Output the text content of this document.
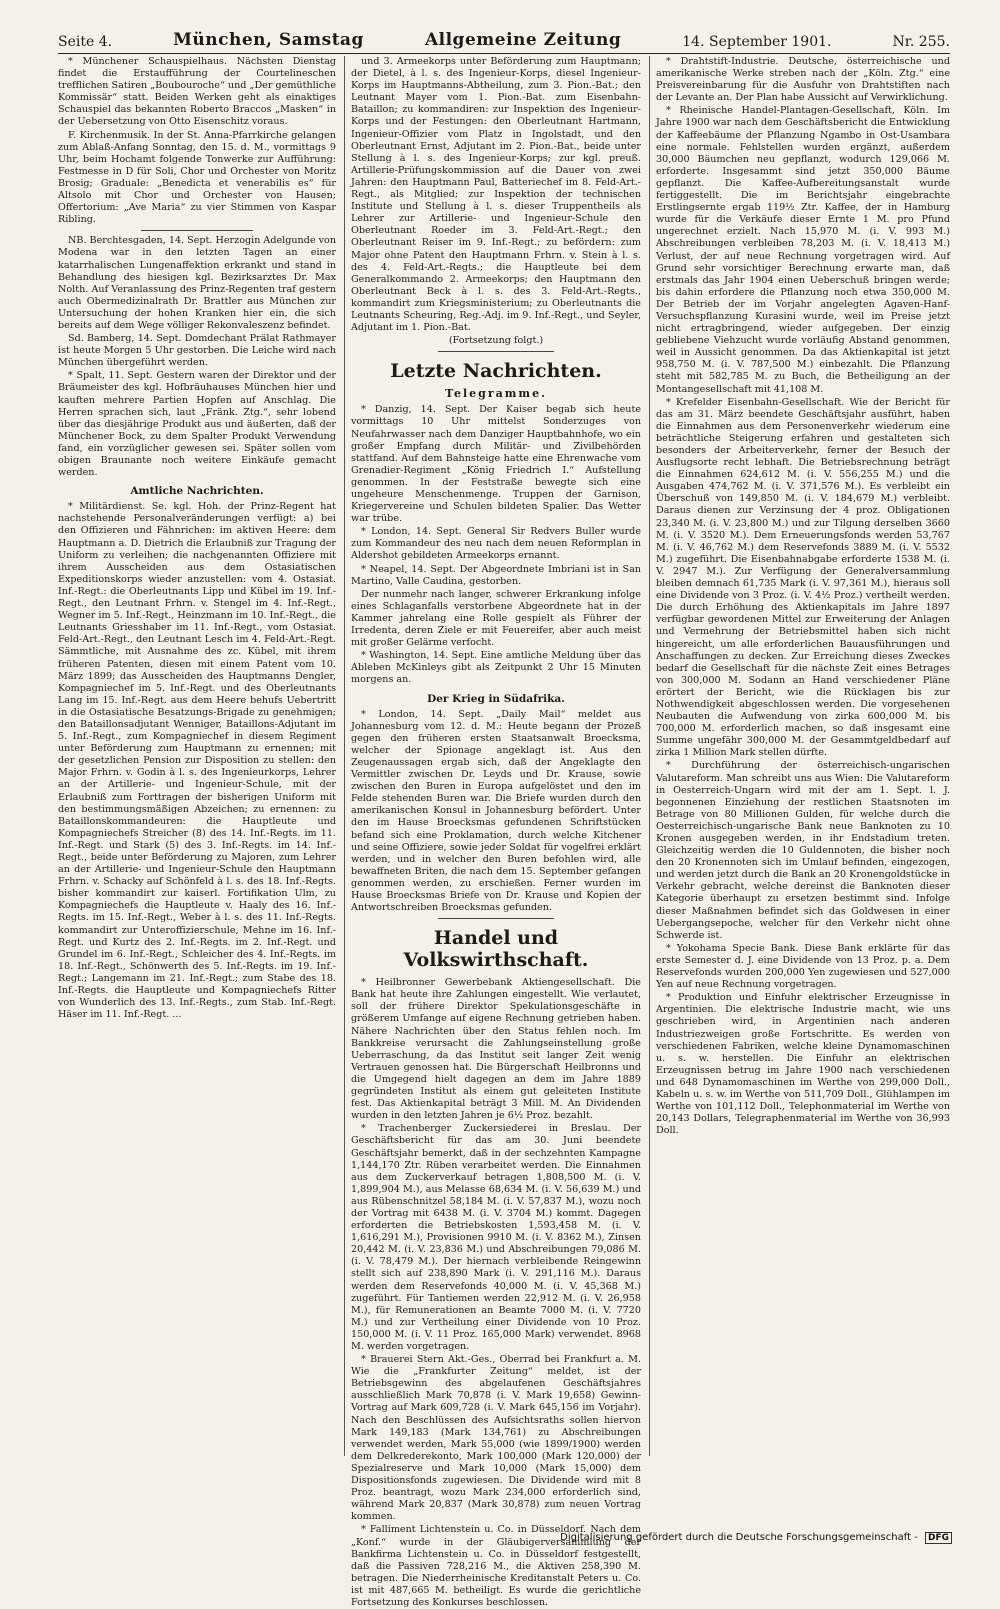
Seite 4.	München, Samstag	Allgemeine Zeitung	14. September 1901.	Nr. 255.

* Münchener Schauspielhaus. Nächsten Dienstag findet die Erstaufführung der Courtelineschen trefflichen Satiren „Boubouroche“ und „Der gemüthliche Kommissär“ statt. Beiden Werken geht als einaktiges Schauspiel das bekannten Roberto Braccos „Masken“ in der Uebersetzung von Otto Eisenschitz voraus.

F. Kirchenmusik. In der St. Anna-Pfarrkirche gelangen zum Ablaß-Anfang Sonntag, den 15. d. M., vormittags 9 Uhr, beim Hochamt folgende Tonwerke zur Aufführung: Festmesse in D für Soli, Chor und Orchester von Moritz Brosig; Graduale: „Benedicta et venerabilis es“ für Altsolo mit Chor und Orchester von Hausen; Offertorium: „Ave Maria“ zu vier Stimmen von Kaspar Ribling.

NB. Berchtesgaden, 14. Sept. Herzogin Adelgunde von Modena war in den letzten Tagen an einer katarrhalischen Lungenaffektion erkrankt und stand in Behandlung des hiesigen kgl. Bezirksarztes Dr. Max Nolth. Auf Veranlassung des Prinz-Regenten traf gestern auch Obermedizinalrath Dr. Brattler aus München zur Untersuchung der hohen Kranken hier ein, die sich bereits auf dem Wege völliger Rekonvaleszenz befindet.

Sd. Bamberg, 14. Sept. Domdechant Prälat Rathmayer ist heute Morgen 5 Uhr gestorben. Die Leiche wird nach München übergeführt werden.

* Spalt, 11. Sept. Gestern waren der Direktor und der Bräumeister des kgl. Hofbräuhauses München hier und kauften mehrere Partien Hopfen auf Anschlag. Die Herren sprachen sich, laut „Fränk. Ztg.“, sehr lobend über das diesjährige Produkt aus und äußerten, daß der Münchener Bock, zu dem Spalter Produkt Verwendung fand, ein vorzüglicher gewesen sei. Später sollen vom obigen Braunante noch weitere Einkäufe gemacht werden.

Amtliche Nachrichten.

* Militärdienst. Se. kgl. Hoh. der Prinz-Regent hat nachstehende Personalveränderungen verfügt: a) bei den Offizieren und Fähnrichen: im aktiven Heere: dem Hauptmann a. D. Dietrich die Erlaubniß zur Tragung der Uniform zu verleihen; die nachgenannten Offiziere mit ihrem Ausscheiden aus dem Ostasiatischen Expeditionskorps wieder anzustellen: vom 4. Ostasiat. Inf.-Regt.: die Oberleutnants Lipp und Kübel im 19. Inf.-Regt., den Leutnant Frhrn. v. Stengel im 4. Inf.-Regt., Wegner im 5. Inf.-Regt., Heinzmann im 10. Inf.-Regt., die Leutnants Griesshaber im 11. Inf.-Regt., vom Ostasiat. Feld-Art.-Regt., den Leutnant Lesch im 4. Feld-Art.-Regt. Sämmtliche, mit Ausnahme des zc. Kübel, mit ihrem früheren Patenten, diesen mit einem Patent vom 10. März 1899; das Ausscheiden des Hauptmanns Dengler, Kompagniechef im 5. Inf.-Regt. und des Oberleutnants Lang im 15. Inf.-Regt. aus dem Heere behufs Uebertritt in die Ostasiatische Besatzungs-Brigade zu genehmigen; den Bataillonsadjutant Wenniger, Bataillons-Adjutant im 5. Inf.-Regt., zum Kompagniechef in diesem Regiment unter Beförderung zum Hauptmann zu ernennen; mit der gesetzlichen Pension zur Disposition zu stellen: den Major Frhrn. v. Godin à l. s. des Ingenieurkorps, Lehrer an der Artillerie- und Ingenieur-Schule, mit der Erlaubniß zum Forttragen der bisherigen Uniform mit den bestimmungsmäßigen Abzeichen; zu ernennen: zu Bataillonskommandeuren: die Hauptleute und Kompagniechefs Streicher (8) des 14. Inf.-Regts. im 11. Inf.-Regt. und Stark (5) des 3. Inf.-Regts. im 14. Inf.-Regt., beide unter Beförderung zu Majoren, zum Lehrer an der Artillerie- und Ingenieur-Schule den Hauptmann Frhrn. v. Schacky auf Schönfeld à l. s. des 18. Inf.-Regts. bisher kommandirt zur kaiserl. Fortifikation Ulm, zu Kompagniechefs die Hauptleute v. Haaly des 16. Inf.-Regts. im 15. Inf.-Regt., Weber à l. s. des 11. Inf.-Regts. kommandirt zur Unteroffizierschule, Mehne im 16. Inf.-Regt. und Kurtz des 2. Inf.-Regts. im 2. Inf.-Regt. und Grundel im 6. Inf.-Regt., Schleicher des 4. Inf.-Regts. im 18. Inf.-Regt., Schönwerth des 5. Inf.-Regts. im 19. Inf.-Regt.; Langemann im 21. Inf.-Regt.; zum Stabe des 18. Inf.-Regts. die Hauptleute und Kompagniechefs Ritter von Wunderlich des 13. Inf.-Regts., zum Stab. Inf.-Regt. Häser im 11. Inf.-Regt. ...

und 3. Armeekorps unter Beförderung zum Hauptmann; der Dietel, à l. s. des Ingenieur-Korps, diesel Ingenieur-Korps im Hauptmanns-Abtheilung, zum 3. Pion.-Bat.; den Leutnant Mayer vom 1. Pion.-Bat. zum Eisenbahn-Bataillon; zu kommandiren: zur Inspektion des Ingenieur-Korps und der Festungen: den Oberleutnant Hartmann, Ingenieur-Offizier vom Platz in Ingolstadt, und den Oberleutnant Ernst, Adjutant im 2. Pion.-Bat., beide unter Stellung à l. s. des Ingenieur-Korps; zur kgl. preuß. Artillerie-Prüfungskommission auf die Dauer von zwei Jahren: den Hauptmann Paul, Batteriechef im 8. Feld-Art.-Regt., als Mitglied; zur Inspektion der technischen Institute und Stellung à l. s. dieser Truppentheils als Lehrer zur Artillerie- und Ingenieur-Schule den Oberleutnant Roeder im 3. Feld-Art.-Regt.; den Oberleutnant Reiser im 9. Inf.-Regt.; zu befördern: zum Major ohne Patent den Hauptmann Frhrn. v. Stein à l. s. des 4. Feld-Art.-Regts.; die Hauptleute bei dem Generalkommando 2. Armeekorps; den Hauptmann den Oberleutnant Beck à l. s. des 3. Feld-Art.-Regts., kommandirt zum Kriegsministerium; zu Oberleutnants die Leutnants Scheuring, Reg.-Adj. im 9. Inf.-Regt., und Seyler, Adjutant im 1. Pion.-Bat.

(Fortsetzung folgt.)

Letzte Nachrichten.
Telegramme.

* Danzig, 14. Sept. Der Kaiser begab sich heute vormittags 10 Uhr mittelst Sonderzuges von Neufahrwasser nach dem Danziger Hauptbahnhofe, wo ein großer Empfang durch Militär- und Zivilbehörden stattfand. Auf dem Bahnsteige hatte eine Ehrenwache vom Grenadier-Regiment „König Friedrich I.“ Aufstellung genommen. In der Feststraße bewegte sich eine ungeheure Menschenmenge. Truppen der Garnison, Kriegervereine und Schulen bildeten Spalier. Das Wetter war trübe.

* London, 14. Sept. General Sir Redvers Buller wurde zum Kommandeur des neu nach dem neuen Reformplan in Aldershot gebildeten Armeekorps ernannt.

* Neapel, 14. Sept. Der Abgeordnete Imbriani ist in San Martino, Valle Caudina, gestorben.

Der nunmehr nach langer, schwerer Erkrankung infolge eines Schlaganfalls verstorbene Abgeordnete hat in der Kammer jahrelang eine Rolle gespielt als Führer der Irredenta, deren Ziele er mit Feuereifer, aber auch meist mit großer Gelärme verfocht.

* Washington, 14. Sept. Eine amtliche Meldung über das Ableben McKinleys gibt als Zeitpunkt 2 Uhr 15 Minuten morgens an.

Der Krieg in Südafrika.

* London, 14. Sept. „Daily Mail“ meldet aus Johannesburg vom 12. d. M.: Heute begann der Prozeß gegen den früheren ersten Staatsanwalt Broecksma, welcher der Spionage angeklagt ist. Aus den Zeugenaussagen ergab sich, daß der Angeklagte den Vermittler zwischen Dr. Leyds und Dr. Krause, sowie zwischen den Buren in Europa aufgelöstet und den im Felde stehenden Buren war. Die Briefe wurden durch den amerikanischen Konsul in Johannesburg befördert. Unter den im Hause Broecksmas gefundenen Schriftstücken befand sich eine Proklamation, durch welche Kitchener und seine Offiziere, sowie jeder Soldat für vogelfrei erklärt werden, und in welcher den Buren befohlen wird, alle bewaffneten Briten, die nach dem 15. September gefangen genommen werden, zu erschießen. Ferner wurden im Hause Broecksmas Briefe von Dr. Krause und Kopien der Antwortschreiben Broecksmas gefunden.

Handel und Volkswirthschaft.

* Heilbronner Gewerbebank Aktiengesellschaft. Die Bank hat heute ihre Zahlungen eingestellt. Wie verlautet, soll der frühere Direktor Spekulationsgeschäfte in größerem Umfange auf eigene Rechnung getrieben haben. Nähere Nachrichten über den Status fehlen noch. Im Bankkreise verursacht die Zahlungseinstellung große Ueberraschung, da das Institut seit langer Zeit wenig Vertrauen genossen hat. Die Bürgerschaft Heilbronns und die Umgegend hielt dagegen an dem im Jahre 1889 gegründeten Institut als einem gut geleiteten Institute fest. Das Aktienkapital beträgt 3 Mill. M. An Dividenden wurden in den letzten Jahren je 6½ Proz. bezahlt.

* Trachenberger Zuckersiederei in Breslau. Der Geschäftsbericht für das am 30. Juni beendete Geschäftsjahr bemerkt, daß in der sechzehnten Kampagne 1,144,170 Ztr. Rüben verarbeitet werden. Die Einnahmen aus dem Zuckerverkauf betragen 1,808,500 M. (i. V. 1,899,904 M.), aus Melasse 68,634 M. (i. V. 56,639 M.) und aus Rübenschnitzel 58,184 M. (i. V. 57,837 M.), wozu noch der Vortrag mit 6438 M. (i. V. 3704 M.) kommt. Dagegen erforderten die Betriebskosten 1,593,458 M. (i. V. 1,616,291 M.), Provisionen 9910 M. (i. V. 8362 M.), Zinsen 20,442 M. (i. V. 23,836 M.) und Abschreibungen 79,086 M. (i. V. 78,479 M.). Der hiernach verbleibende Reingewinn stellt sich auf 238,890 Mark (i. V. 291,116 M.). Daraus werden dem Reservefonds 40,000 M. (i. V. 45,368 M.) zugeführt. Für Tantiemen werden 22,912 M. (i. V. 26,958 M.), für Remunerationen an Beamte 7000 M. (i. V. 7720 M.) und zur Vertheilung einer Dividende von 10 Proz. 150,000 M. (i. V. 11 Proz. 165,000 Mark) verwendet. 8968 M. werden vorgetragen.

* Brauerei Stern Akt.-Ges., Oberrad bei Frankfurt a. M. Wie die „Frankfurter Zeitung“ meldet, ist der Betriebsgewinn des abgelaufenen Geschäftsjahres ausschließlich Mark 70,878 (i. V. Mark 19,658) Gewinn-Vortrag auf Mark 609,728 (i. V. Mark 645,156 im Vorjahr). Nach den Beschlüssen des Aufsichtsraths sollen hiervon Mark 149,183 (Mark 134,761) zu Abschreibungen verwendet werden, Mark 55,000 (wie 1899/1900) werden dem Delkrederekonto, Mark 100,000 (Mark 120,000) der Spezialreserve und Mark 10,000 (Mark 15,000) dem Dispositionsfonds zugewiesen. Die Dividende wird mit 8 Proz. beantragt, wozu Mark 234,000 erforderlich sind, während Mark 20,837 (Mark 30,878) zum neuen Vortrag kommen.

* Falliment Lichtenstein u. Co. in Düsseldorf. Nach dem „Konf.“ wurde in der Gläubigerversammlung der Bankfirma Lichtenstein u. Co. in Düsseldorf festgestellt, daß die Passiven 728,216 M., die Aktiven 258,390 M. betragen. Die Niederrheinische Kreditanstalt Peters u. Co. ist mit 487,665 M. betheiligt. Es wurde die gerichtliche Fortsetzung des Konkurses beschlossen.

* Drahtstift-Industrie. Deutsche, österreichische und amerikanische Werke streben nach der „Köln. Ztg.“ eine Preisvereinbarung für die Ausfuhr von Drahtstiften nach der Levante an. Der Plan habe Aussicht auf Verwirklichung.

* Rheinische Handel-Plantagen-Gesellschaft, Köln. Im Jahre 1900 war nach dem Geschäftsbericht die Entwicklung der Kaffeebäume der Pflanzung Ngambo in Ost-Usambara eine normale. Fehlstellen wurden ergänzt, außerdem 30,000 Bäumchen neu gepflanzt, wodurch 129,066 M. erforderte. Insgesammt sind jetzt 350,000 Bäume gepflanzt. Die Kaffee-Aufbereitungsanstalt wurde fertiggestellt. Die im Berichtsjahr eingebrachte Erstlingsernte ergab 119½ Ztr. Kaffee, der in Hamburg wurde für die Verkäufe dieser Ernte 1 M. pro Pfund ungerechnet erzielt. Nach 15,970 M. (i. V. 993 M.) Abschreibungen verbleiben 78,203 M. (i. V. 18,413 M.) Verlust, der auf neue Rechnung vorgetragen wird. Auf Grund sehr vorsichtiger Berechnung erwarte man, daß erstmals das Jahr 1904 einen Ueberschuß bringen werde; bis dahin erfordere die Pflanzung noch etwa 350,000 M. Der Betrieb der im Vorjahr angelegten Agaven-Hanf-Versuchspflanzung Kurasini wurde, weil im Preise jetzt nicht ertragbringend, wieder aufgegeben. Der einzig gebliebene Viehzucht wurde vorläufig Abstand genommen, weil in Aussicht genommen. Da das Aktienkapital ist jetzt 958,750 M. (i. V. 787,500 M.) einbezahlt. Die Pflanzung steht mit 582,785 M. zu Buch, die Betheiligung an der Montangesellschaft mit 41,108 M.

* Krefelder Eisenbahn-Gesellschaft. Wie der Bericht für das am 31. März beendete Geschäftsjahr ausführt, haben die Einnahmen aus dem Personenverkehr wiederum eine beträchtliche Steigerung erfahren und gestalteten sich besonders der Arbeiterverkehr, ferner der Besuch der Ausflugsorte recht lebhaft. Die Betriebsrechnung beträgt die Einnahmen 624,612 M. (i. V. 556,255 M.) und die Ausgaben 474,762 M. (i. V. 371,576 M.). Es verbleibt ein Überschuß von 149,850 M. (i. V. 184,679 M.) verbleibt. Daraus dienen zur Verzinsung der 4 proz. Obligationen 23,340 M. (i. V. 23,800 M.) und zur Tilgung derselben 3660 M. (i. V. 3520 M.). Dem Erneuerungsfonds werden 53,767 M. (i. V. 46,762 M.) dem Reservefonds 3889 M. (i. V. 5532 M.) zugeführt. Die Eisenbahnabgabe erforderte 1538 M. (i. V. 2947 M.). Zur Verfügung der Generalversammlung bleiben demnach 61,735 Mark (i. V. 97,361 M.), hieraus soll eine Dividende von 3 Proz. (i. V. 4½ Proz.) vertheilt werden. Die durch Erhöhung des Aktienkapitals im Jahre 1897 verfügbar gewordenen Mittel zur Erweiterung der Anlagen und Vermehrung der Betriebsmittel haben sich nicht hingereicht, um alle erforderlichen Bauausführungen und Anschaffungen zu decken. Zur Erreichung dieses Zweckes bedarf die Gesellschaft für die nächste Zeit eines Betrages von 300,000 M. Sodann an Hand verschiedener Pläne erörtert der Bericht, wie die Rücklagen bis zur Nothwendigkeit abgeschlossen werden. Die vorgesehenen Neubauten die Aufwendung von zirka 600,000 M. bis 700,000 M. erforderlich machen, so daß insgesamt eine Summe ungefähr 300,000 M. der Gesammtgeldbedarf auf zirka 1 Million Mark stellen dürfte.

* Durchführung der österreichisch-ungarischen Valutareform. Man schreibt uns aus Wien: Die Valutareform in Oesterreich-Ungarn wird mit der am 1. Sept. l. J. begonnenen Einziehung der restlichen Staatsnoten im Betrage von 80 Millionen Gulden, für welche durch die Oesterreichisch-ungarische Bank neue Banknoten zu 10 Kronen ausgegeben werden, in ihr Endstadium treten. Gleichzeitig werden die 10 Guldennoten, die bisher noch den 20 Kronennoten sich im Umlauf befinden, eingezogen, und werden jetzt durch die Bank an 20 Kronengoldstücke in Verkehr gebracht, welche dereinst die Banknoten dieser Kategorie überhaupt zu ersetzen bestimmt sind. Infolge dieser Maßnahmen befindet sich das Goldwesen in einer Uebergangsepoche, welcher für den Verkehr nicht ohne Schwerde ist.

* Yokohama Specie Bank. Diese Bank erklärte für das erste Semester d. J. eine Dividende von 13 Proz. p. a. Dem Reservefonds wurden 200,000 Yen zugewiesen und 527,000 Yen auf neue Rechnung vorgetragen.

* Produktion und Einfuhr elektrischer Erzeugnisse in Argentinien. Die elektrische Industrie macht, wie uns geschrieben wird, in Argentinien nach anderen Industriezweigen große Fortschritte. Es werden von verschiedenen Fabriken, welche kleine Dynamomaschinen u. s. w. herstellen. Die Einfuhr an elektrischen Erzeugnissen betrug im Jahre 1900 nach verschiedenen und 648 Dynamomaschinen im Werthe von 299,000 Doll., Kabeln u. s. w. im Werthe von 511,709 Doll., Glühlampen im Werthe von 101,112 Doll., Telephonmaterial im Werthe von 20,143 Dollars, Telegraphenmaterial im Werthe von 36,993 Doll.

Digitalisierung gefördert durch die Deutsche Forschungsgemeinschaft - DFG
